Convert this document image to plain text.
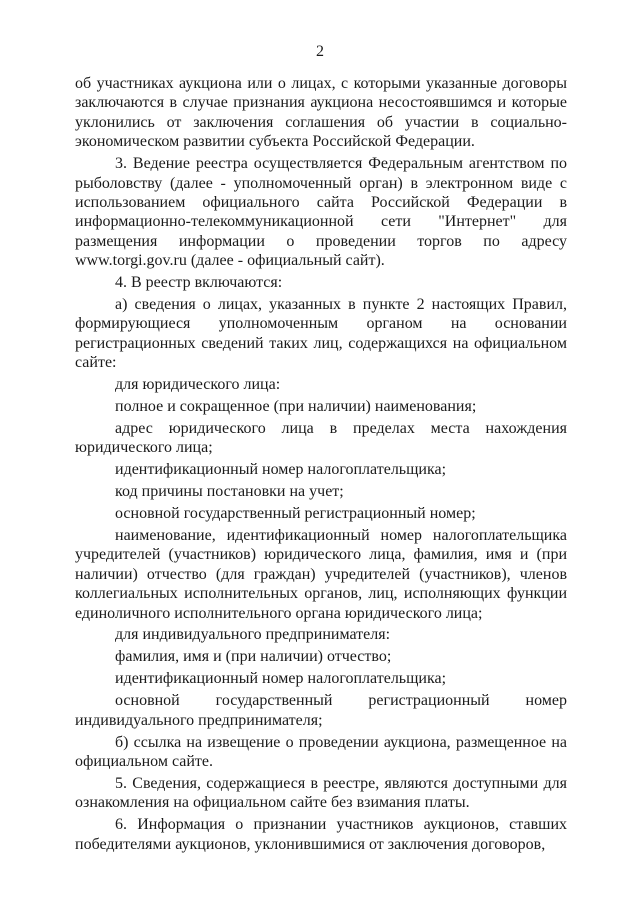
2

об участниках аукциона или о лицах, с которыми указанные договоры заключаются в случае признания аукциона несостоявшимся и которые уклонились от заключения соглашения об участии в социально-экономическом развитии субъекта Российской Федерации.

3. Ведение реестра осуществляется Федеральным агентством по рыболовству (далее - уполномоченный орган) в электронном виде с использованием официального сайта Российской Федерации в информационно-телекоммуникационной сети "Интернет" для размещения информации о проведении торгов по адресу www.torgi.gov.ru (далее - официальный сайт).

4. В реестр включаются:

а) сведения о лицах, указанных в пункте 2 настоящих Правил, формирующиеся уполномоченным органом на основании регистрационных сведений таких лиц, содержащихся на официальном сайте:

для юридического лица:

полное и сокращенное (при наличии) наименования;

адрес юридического лица в пределах места нахождения юридического лица;

идентификационный номер налогоплательщика;

код причины постановки на учет;

основной государственный регистрационный номер;

наименование, идентификационный номер налогоплательщика учредителей (участников) юридического лица, фамилия, имя и (при наличии) отчество (для граждан) учредителей (участников), членов коллегиальных исполнительных органов, лиц, исполняющих функции единоличного исполнительного органа юридического лица;

для индивидуального предпринимателя:

фамилия, имя и (при наличии) отчество;

идентификационный номер налогоплательщика;

основной государственный регистрационный номер индивидуального предпринимателя;

б) ссылка на извещение о проведении аукциона, размещенное на официальном сайте.

5. Сведения, содержащиеся в реестре, являются доступными для ознакомления на официальном сайте без взимания платы.

6. Информация о признании участников аукционов, ставших победителями аукционов, уклонившимися от заключения договоров,
